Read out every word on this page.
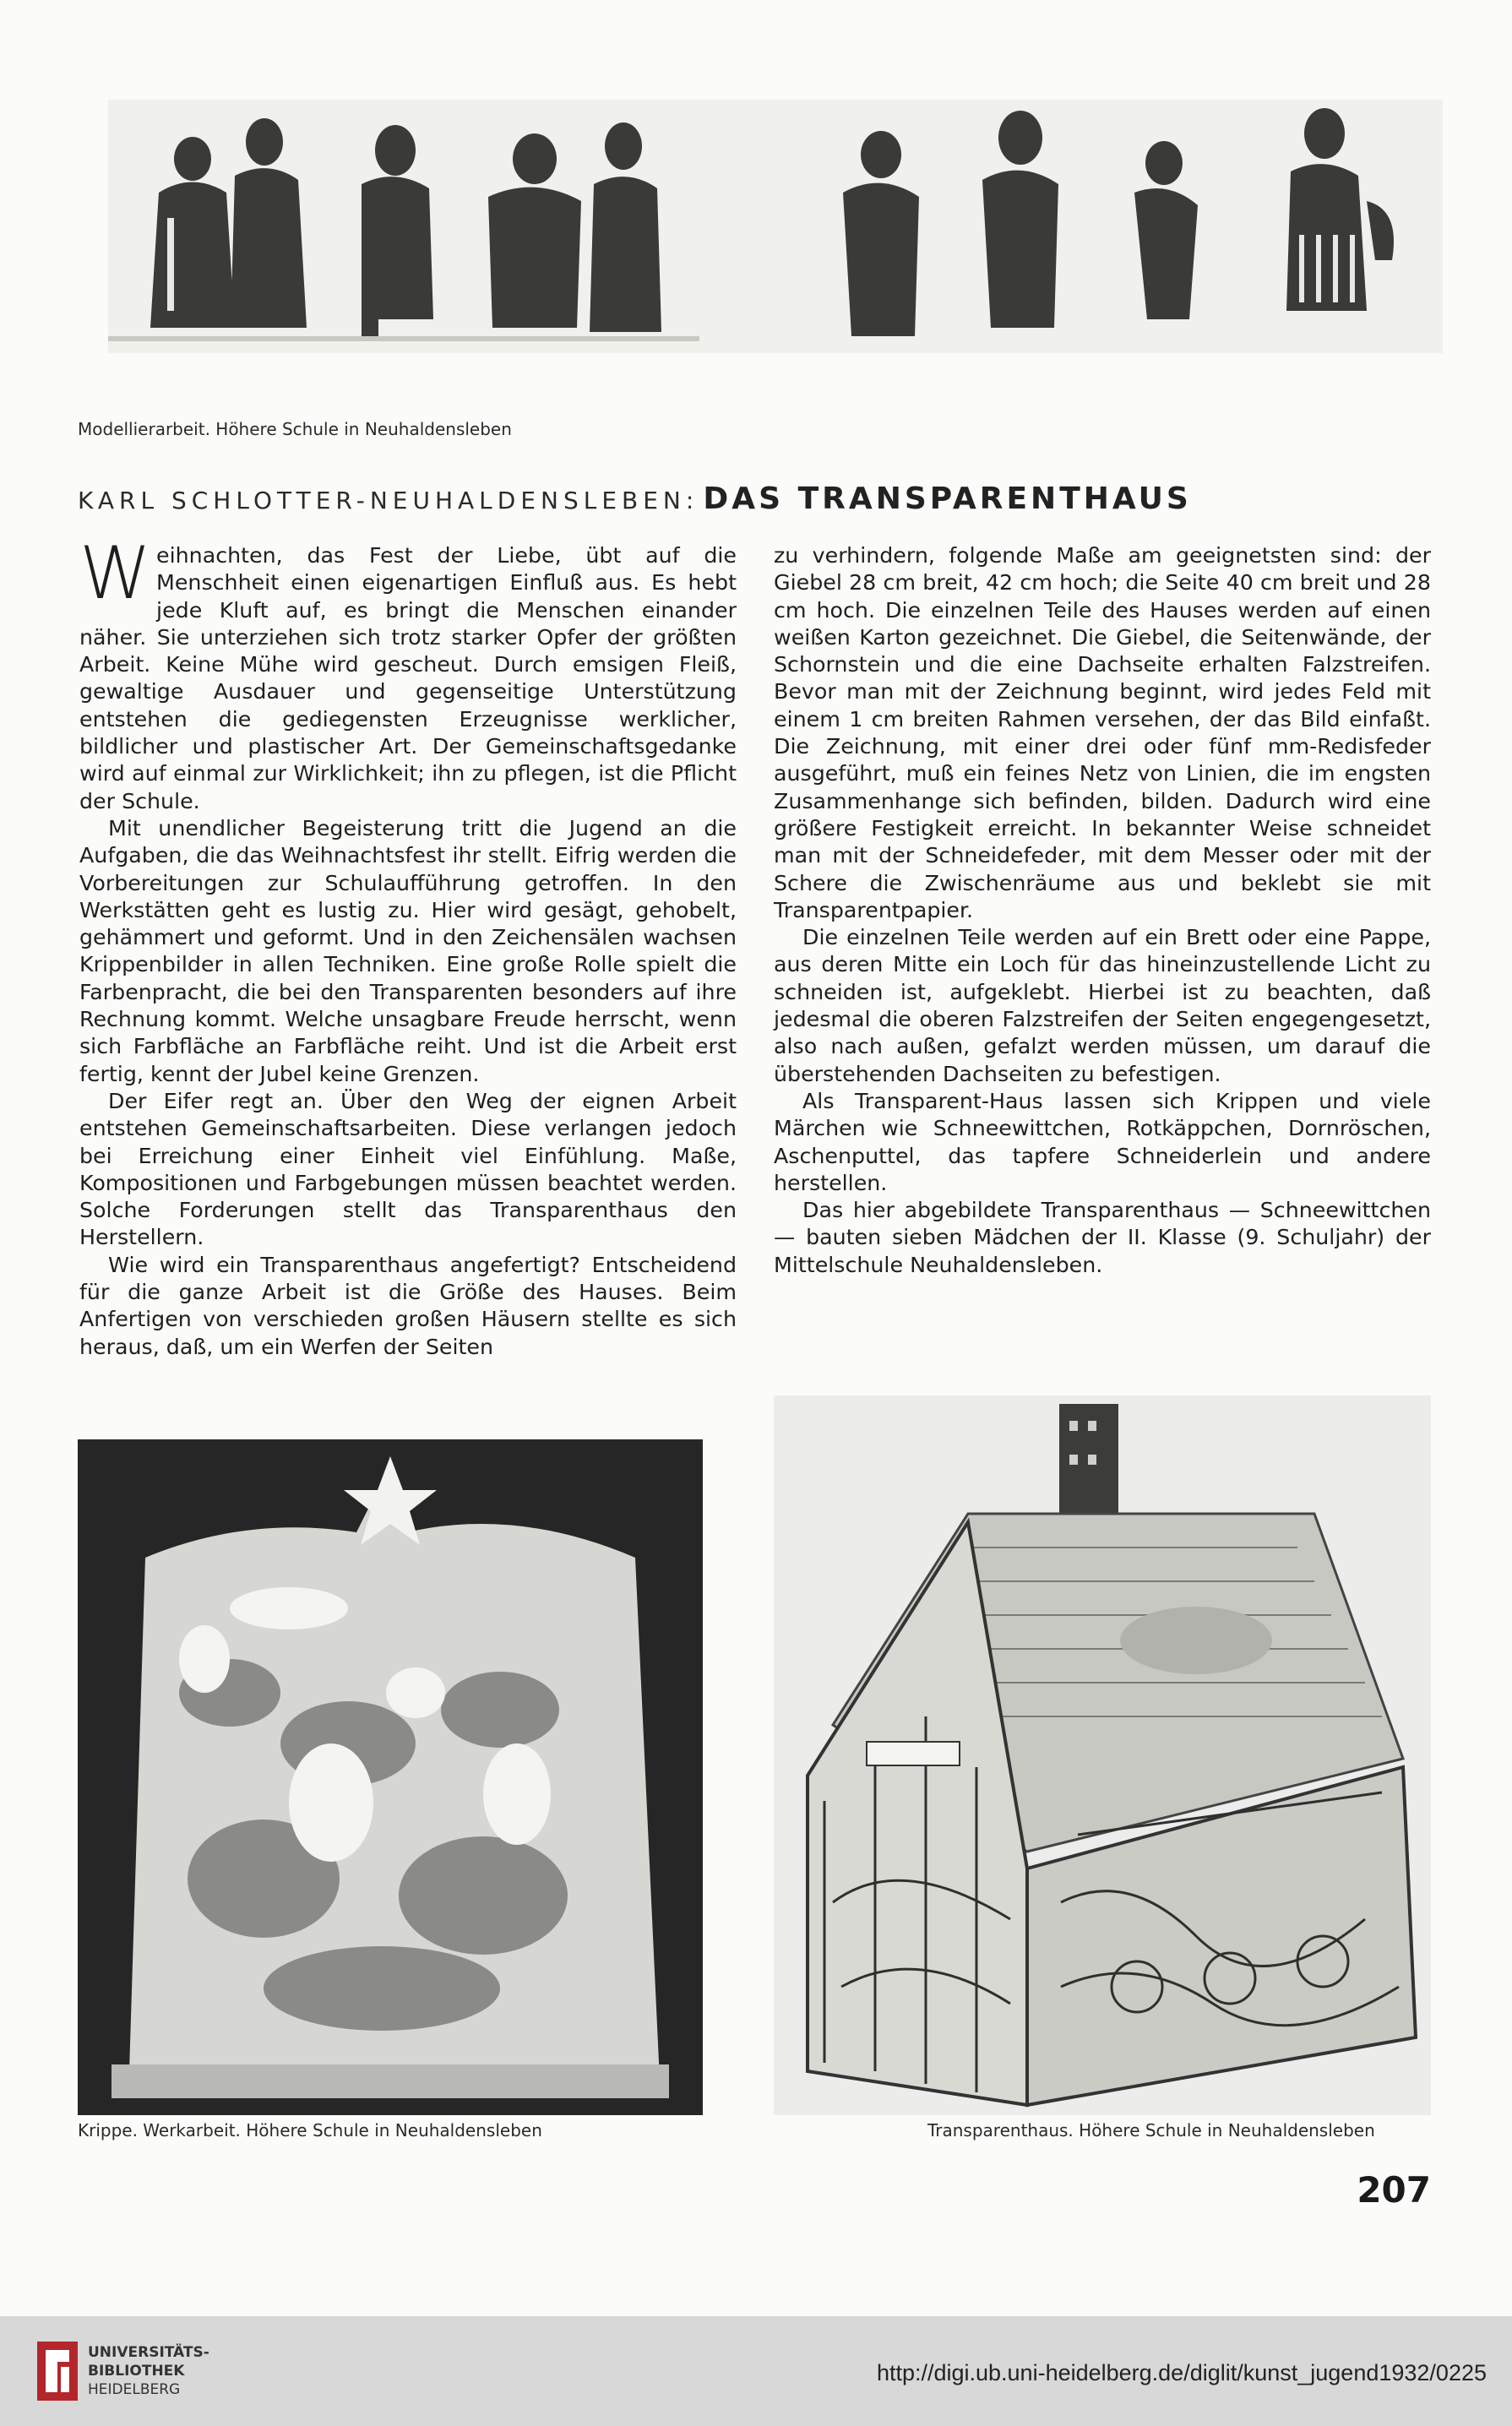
Modellierarbeit. Höhere Schule in Neuhaldensleben
KARL SCHLOTTER-NEUHALDENSLEBEN: DAS TRANSPARENTHAUS

Weihnachten, das Fest der Liebe, übt auf die Menschheit einen eigenartigen Einfluß aus. Es hebt jede Kluft auf, es bringt die Menschen einander näher. Sie unterziehen sich trotz starker Opfer der größten Arbeit. Keine Mühe wird gescheut. Durch emsigen Fleiß, gewaltige Ausdauer und gegenseitige Unterstützung entstehen die gediegensten Erzeugnisse werklicher, bildlicher und plastischer Art. Der Gemeinschaftsgedanke wird auf einmal zur Wirklichkeit; ihn zu pflegen, ist die Pflicht der Schule.

Mit unendlicher Begeisterung tritt die Jugend an die Aufgaben, die das Weihnachtsfest ihr stellt. Eifrig werden die Vorbereitungen zur Schulaufführung getroffen. In den Werkstätten geht es lustig zu. Hier wird gesägt, gehobelt, gehämmert und geformt. Und in den Zeichensälen wachsen Krippenbilder in allen Techniken. Eine große Rolle spielt die Farbenpracht, die bei den Transparenten besonders auf ihre Rechnung kommt. Welche unsagbare Freude herrscht, wenn sich Farbfläche an Farbfläche reiht. Und ist die Arbeit erst fertig, kennt der Jubel keine Grenzen.

Der Eifer regt an. Über den Weg der eignen Arbeit entstehen Gemeinschaftsarbeiten. Diese verlangen jedoch bei Erreichung einer Einheit viel Einfühlung. Maße, Kompositionen und Farbgebungen müssen beachtet werden. Solche Forderungen stellt das Transparenthaus den Herstellern.

Wie wird ein Transparenthaus angefertigt? Entscheidend für die ganze Arbeit ist die Größe des Hauses. Beim Anfertigen von verschieden großen Häusern stellte es sich heraus, daß, um ein Werfen der Seiten

zu verhindern, folgende Maße am geeignetsten sind: der Giebel 28 cm breit, 42 cm hoch; die Seite 40 cm breit und 28 cm hoch. Die einzelnen Teile des Hauses werden auf einen weißen Karton gezeichnet. Die Giebel, die Seitenwände, der Schornstein und die eine Dachseite erhalten Falzstreifen. Bevor man mit der Zeichnung beginnt, wird jedes Feld mit einem 1 cm breiten Rahmen versehen, der das Bild einfaßt. Die Zeichnung, mit einer drei oder fünf mm-Redisfeder ausgeführt, muß ein feines Netz von Linien, die im engsten Zusammenhange sich befinden, bilden. Dadurch wird eine größere Festigkeit erreicht. In bekannter Weise schneidet man mit der Schneidefeder, mit dem Messer oder mit der Schere die Zwischenräume aus und beklebt sie mit Transparentpapier.

Die einzelnen Teile werden auf ein Brett oder eine Pappe, aus deren Mitte ein Loch für das hineinzustellende Licht zu schneiden ist, aufgeklebt. Hierbei ist zu beachten, daß jedesmal die oberen Falzstreifen der Seiten engegengesetzt, also nach außen, gefalzt werden müssen, um darauf die überstehenden Dachseiten zu befestigen.

Als Transparent-Haus lassen sich Krippen und viele Märchen wie Schneewittchen, Rotkäppchen, Dornröschen, Aschenputtel, das tapfere Schneiderlein und andere herstellen.

Das hier abgebildete Transparenthaus — Schneewittchen — bauten sieben Mädchen der II. Klasse (9. Schuljahr) der Mittelschule Neuhaldensleben.

Krippe. Werkarbeit. Höhere Schule in Neuhaldensleben	Transparenthaus. Höhere Schule in Neuhaldensleben
207
UNIVERSITÄTS-
BIBLIOTHEK
HEIDELBERG
http://digi.ub.uni-heidelberg.de/diglit/kunst_jugend1932/0225
